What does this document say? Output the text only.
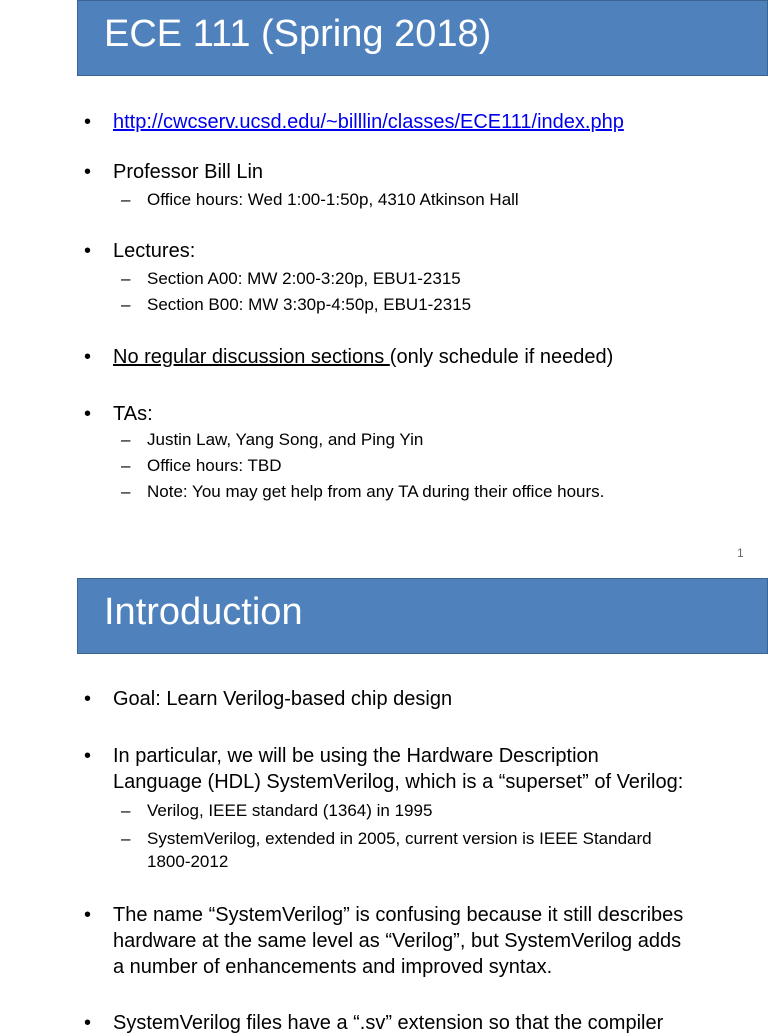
ECE 111 (Spring 2018)
•	http://cwcserv.ucsd.edu/~billlin/classes/ECE111/index.php
•	Professor Bill Lin
– Office hours: Wed 1:00-1:50p, 4310 Atkinson Hall
•	Lectures:
– Section A00: MW 2:00-3:20p, EBU1-2315
– Section B00: MW 3:30p-4:50p, EBU1-2315
•	No regular discussion sections (only schedule if needed)
•	TAs:
– Justin Law, Yang Song, and Ping Yin
– Office hours: TBD
– Note: You may get help from any TA during their office hours.
1
Introduction
•	Goal: Learn Verilog-based chip design
•	In particular, we will be using the Hardware Description
Language (HDL) SystemVerilog, which is a “superset” of Verilog:
– Verilog, IEEE standard (1364) in 1995
– SystemVerilog, extended in 2005, current version is IEEE Standard
1800-2012
•	The name “SystemVerilog” is confusing because it still describes
hardware at the same level as “Verilog”, but SystemVerilog adds
a number of enhancements and improved syntax.
•	SystemVerilog files have a “.sv” extension so that the compiler
